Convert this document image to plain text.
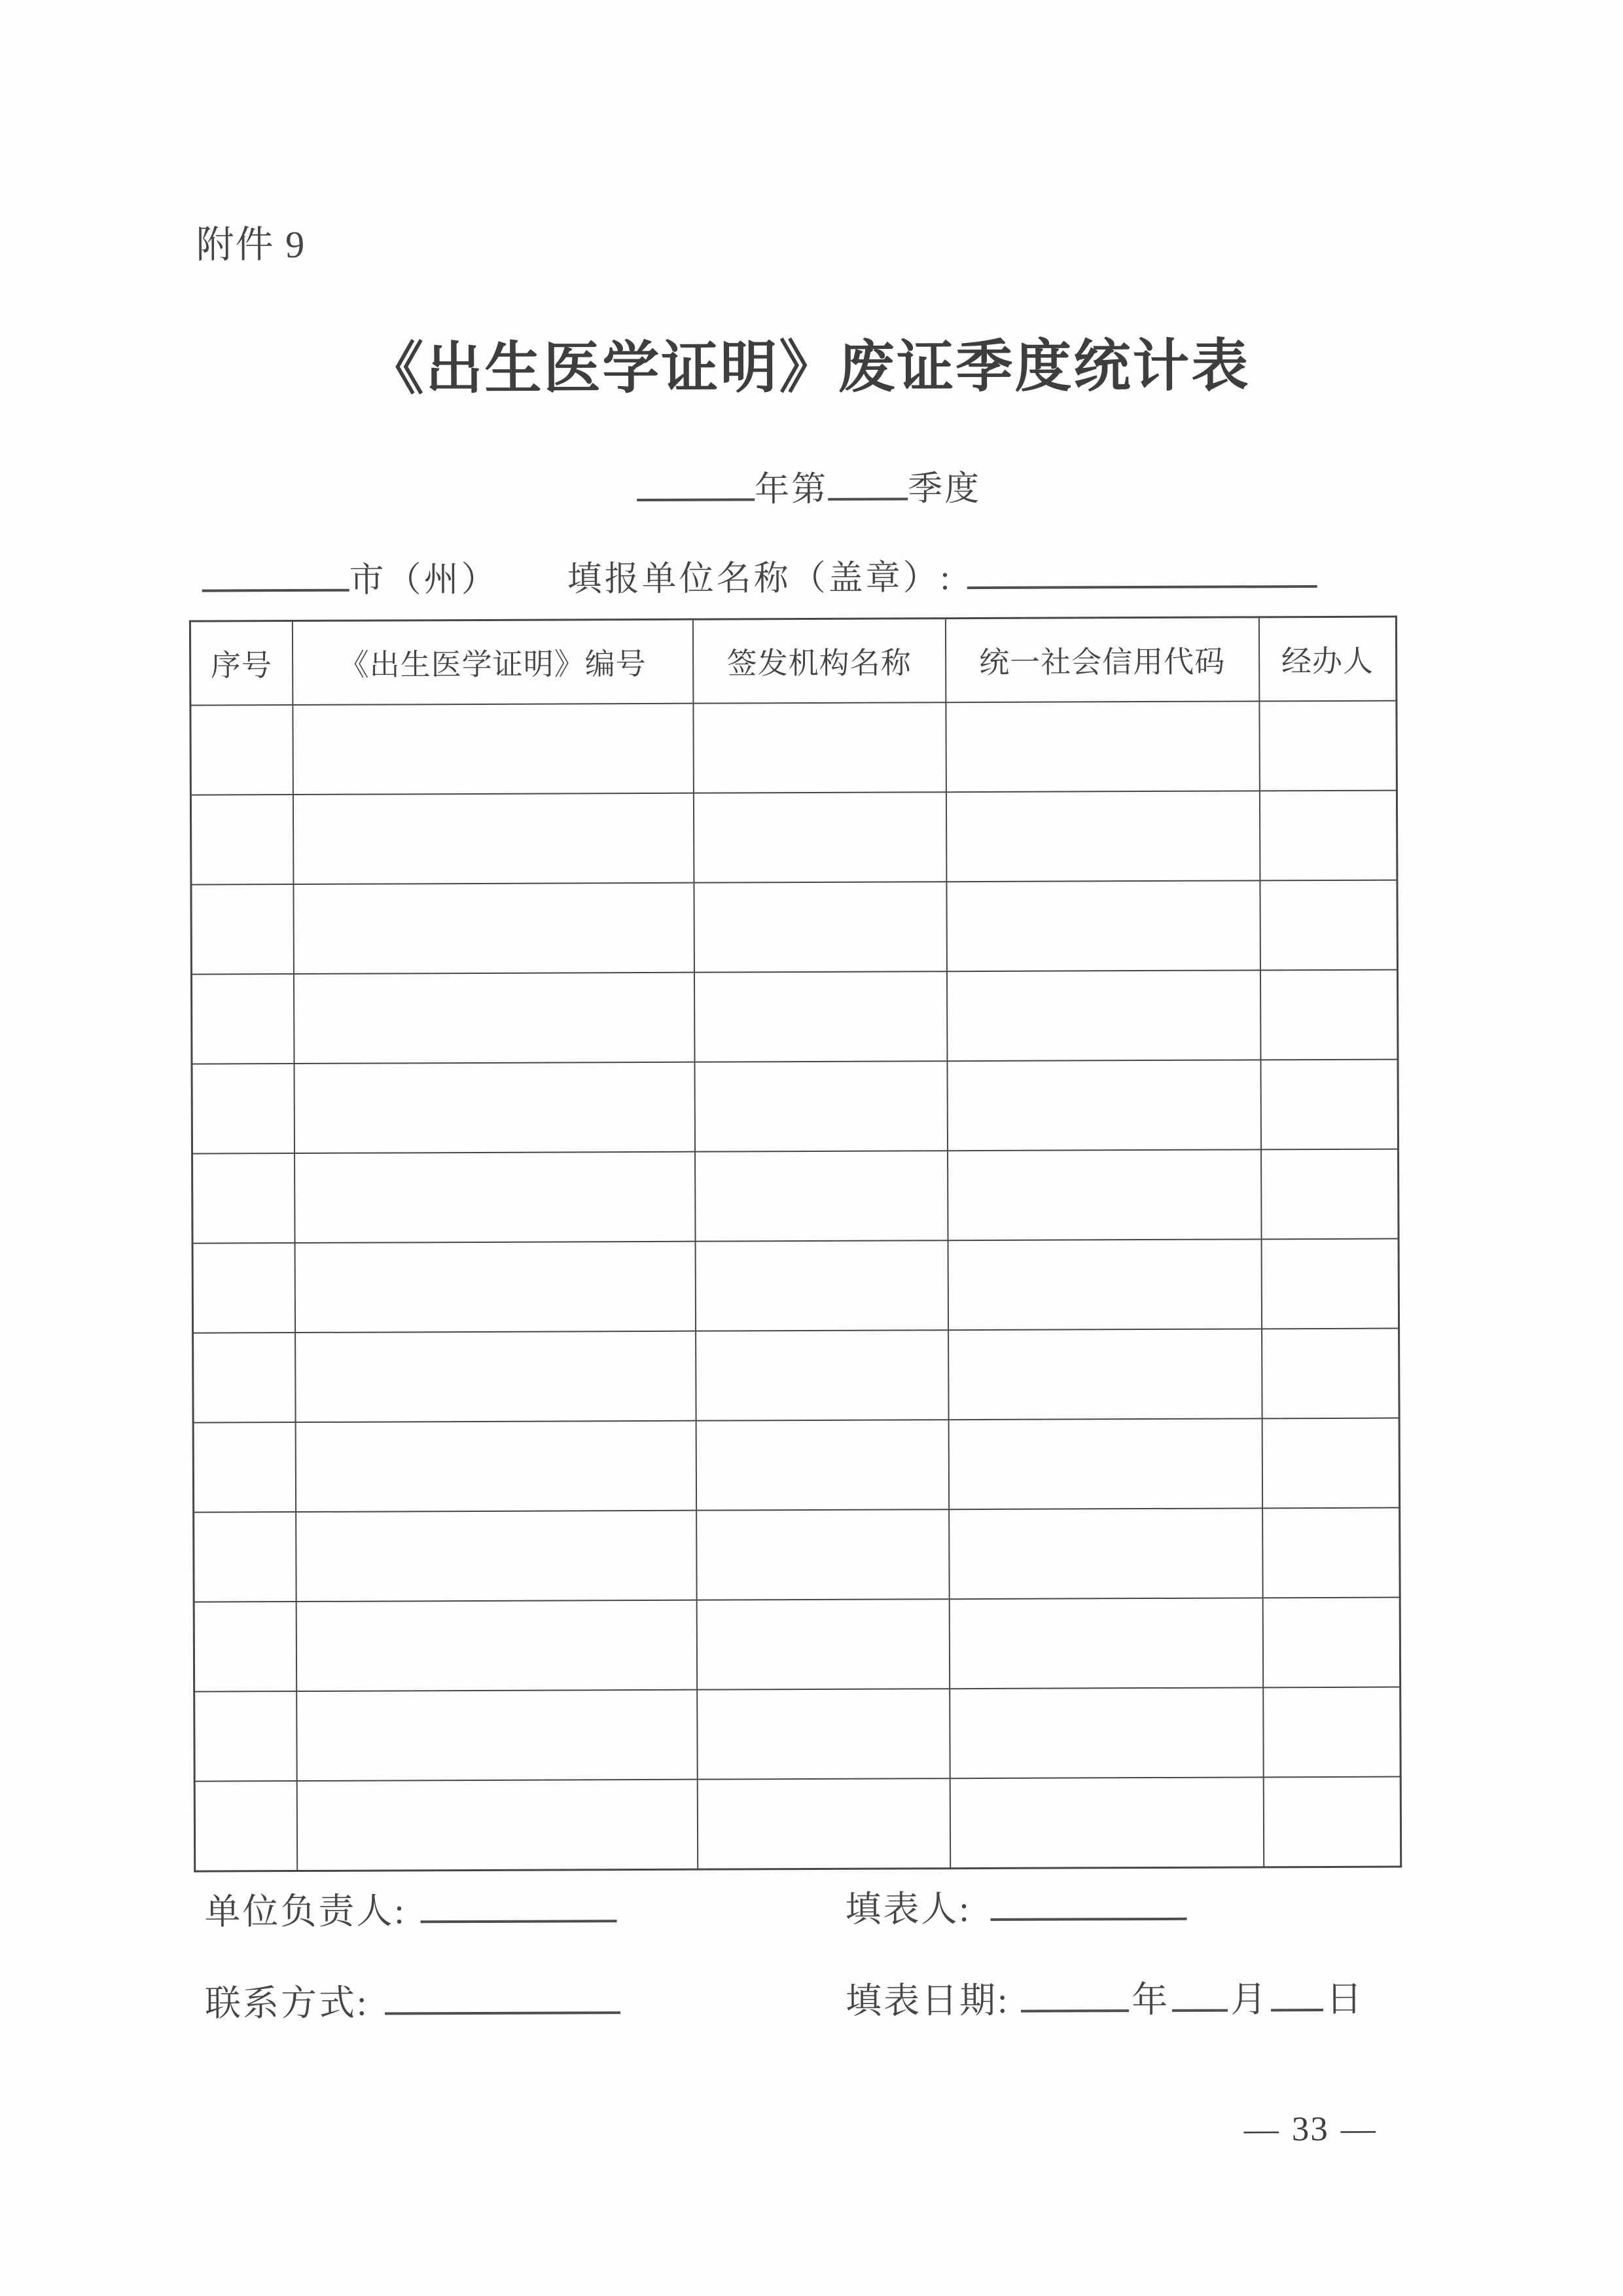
附件 9
《出生医学证明》废证季度统计表
年第 季度
市（州） 填报单位名称（盖章）:
序号	《出生医学证明》编号	签发机构名称	统一社会信用代码	经办人

单位负责人:	填表人:
联系方式:	填表日期:	年 月 日
— 33 —
